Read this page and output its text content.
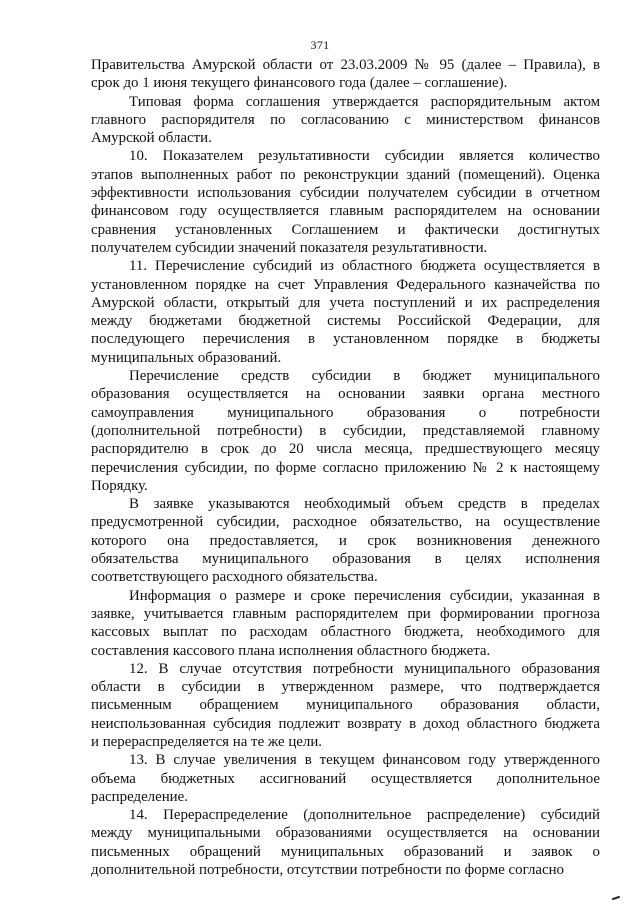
371
Правительства Амурской области от 23.03.2009 № 95 (далее – Правила), в
срок до 1 июня текущего финансового года (далее – соглашение).
Типовая форма соглашения утверждается распорядительным актом
главного распорядителя по согласованию с министерством финансов
Амурской области.
10. Показателем результативности субсидии является количество
этапов выполненных работ по реконструкции зданий (помещений). Оценка
эффективности использования субсидии получателем субсидии в отчетном
финансовом году осуществляется главным распорядителем на основании
сравнения установленных Соглашением и фактически достигнутых
получателем субсидии значений показателя результативности.
11. Перечисление субсидий из областного бюджета осуществляется в
установленном порядке на счет Управления Федерального казначейства по
Амурской области, открытый для учета поступлений и их распределения
между бюджетами бюджетной системы Российской Федерации, для
последующего перечисления в установленном порядке в бюджеты
муниципальных образований.
Перечисление средств субсидии в бюджет муниципального
образования осуществляется на основании заявки органа местного
самоуправления муниципального образования о потребности
(дополнительной потребности) в субсидии, представляемой главному
распорядителю в срок до 20 числа месяца, предшествующего месяцу
перечисления субсидии, по форме согласно приложению № 2 к настоящему
Порядку.
В заявке указываются необходимый объем средств в пределах
предусмотренной субсидии, расходное обязательство, на осуществление
которого она предоставляется, и срок возникновения денежного
обязательства муниципального образования в целях исполнения
соответствующего расходного обязательства.
Информация о размере и сроке перечисления субсидии, указанная в
заявке, учитывается главным распорядителем при формировании прогноза
кассовых выплат по расходам областного бюджета, необходимого для
составления кассового плана исполнения областного бюджета.
12. В случае отсутствия потребности муниципального образования
области в субсидии в утвержденном размере, что подтверждается
письменным обращением муниципального образования области,
неиспользованная субсидия подлежит возврату в доход областного бюджета
и перераспределяется на те же цели.
13. В случае увеличения в текущем финансовом году утвержденного
объема бюджетных ассигнований осуществляется дополнительное
распределение.
14. Перераспределение (дополнительное распределение) субсидий
между муниципальными образованиями осуществляется на основании
письменных обращений муниципальных образований и заявок о
дополнительной потребности, отсутствии потребности по форме согласно
